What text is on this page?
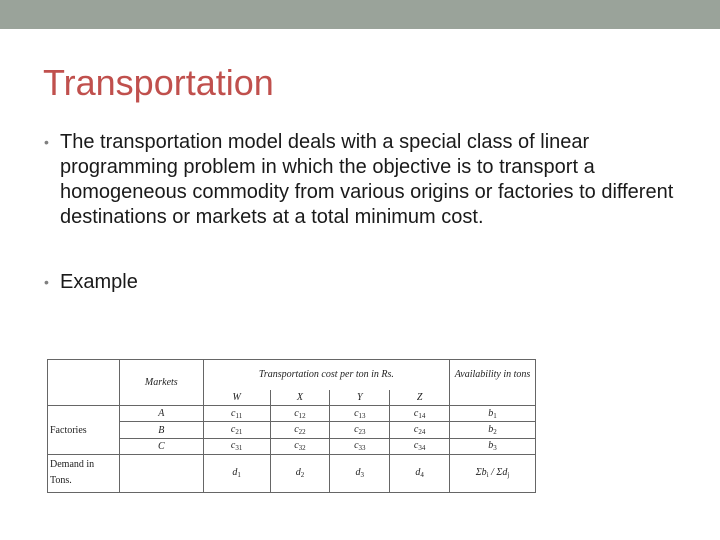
Transportation
• The transportation model deals with a special class of linear programming problem in which the objective is to transport a homogeneous commodity from various origins or factories to different destinations or markets at a total minimum cost.
• Example
	Markets	Transportation cost per ton in Rs.				Availability in tons
		W	X	Y	Z	
Factories	A	$c_{11}$	$c_{12}$	$c_{13}$	$c_{14}$	$b_1$
	B	$c_{21}$	$c_{22}$	$c_{23}$	$c_{24}$	$b_2$
	C	$c_{31}$	$c_{32}$	$c_{33}$	$c_{34}$	$b_3$

Demand in
Tons.		$d_1$	$d_2$	$d_3$	$d_4$	$\Sigma b_i / \Sigma d_j$
